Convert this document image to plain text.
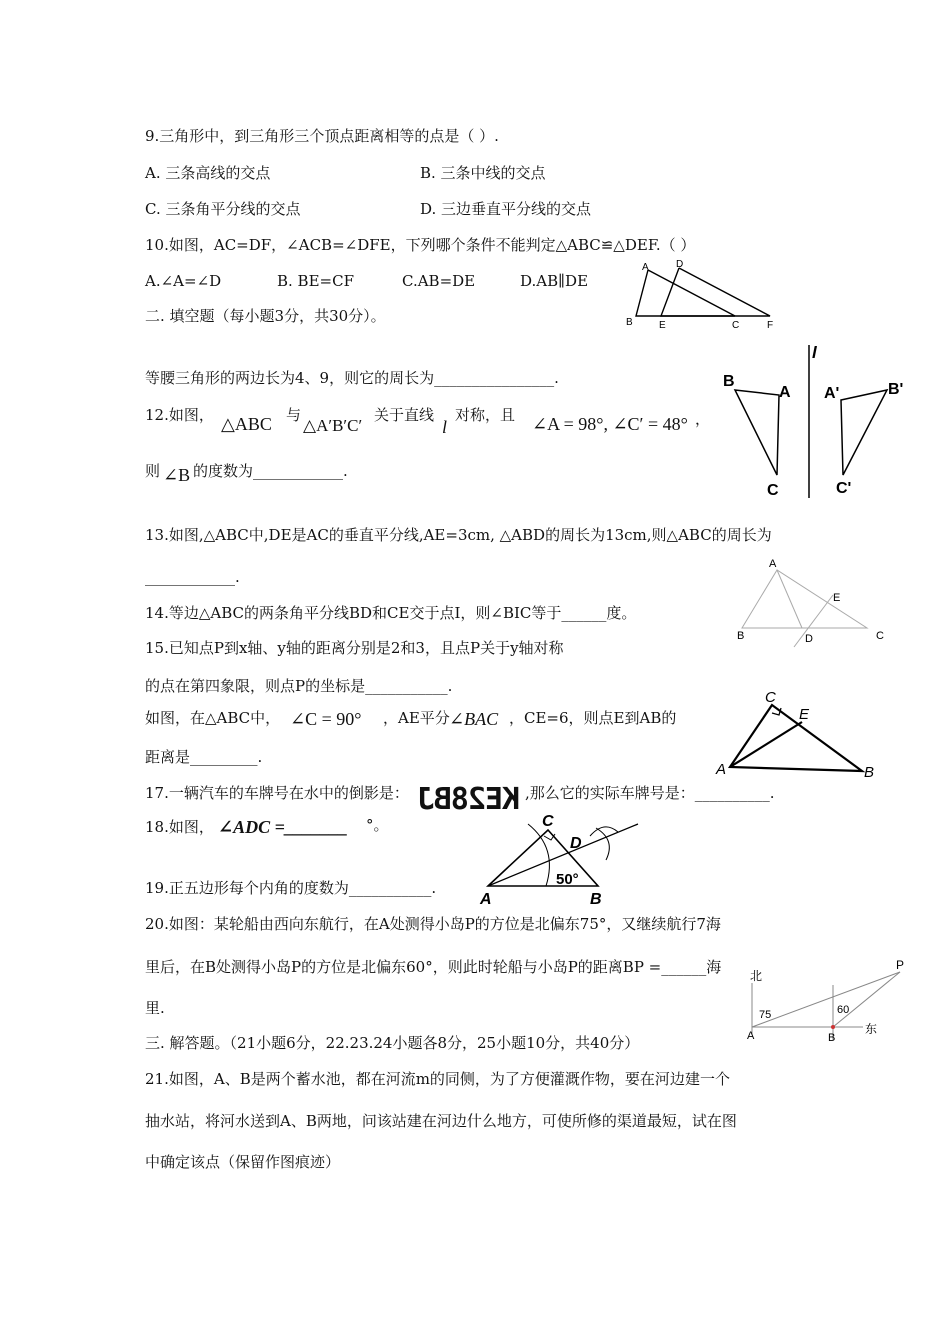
9.三角形中，到三角形三个顶点距离相等的点是（ ）.
A. 三条高线的交点	B. 三条中线的交点
C. 三条角平分线的交点	D. 三边垂直平分线的交点
10.如图，AC=DF，∠ACB=∠DFE，下列哪个条件不能判定△ABC≌△DEF.（ ）
A.∠A=∠D	B. BE=CF	C.AB=DE	D.AB∥DE
A	D
B	E	C	F
二. 填空题（每小题3分，共30分）。
等腰三角形的两边长为4、9，则它的周长为________________.
12.如图， △ABC 与
△A′B′C′
关于直线
l
对称，且 ∠A = 98°, ∠C′ = 48° ，
则 ∠B 的度数为____________.
l
B
A
C
A'	B'
C'
13.如图,△ABC中,DE是AC的垂直平分线,AE=3cm, △ABD的周长为13cm,则△ABC的周长为
____________.
A
E
B	D	C
14.等边△ABC的两条角平分线BD和CE交于点I，则∠BIC等于______度。
15.已知点P到x轴、y轴的距离分别是2和3，且点P关于y轴对称
的点在第四象限，则点P的坐标是___________.
如图，在△ABC中， ∠C = 90° ，AE平分 ∠BAC ，CE=6，则点E到AB的
距离是_________.
C
E
A	B
17.一辆汽车的车牌号在水中的倒影是： KE28BJ ,那么它的实际车牌号是：__________.
18.如图， ∠ADC =_______ °。	C
D
A	B
50°
19.正五边形每个内角的度数为___________.
20.如图：某轮船由西向东航行，在A处测得小岛P的方位是北偏东75°，又继续航行7海
里后，在B处测得小岛P的方位是北偏东60°，则此时轮船与小岛P的距离BP =______海
里.
P
北
75	60
东
A	B
三. 解答题。（21小题6分，22.23.24小题各8分，25小题10分，共40分）
21.如图，A、B是两个蓄水池，都在河流m的同侧，为了方便灌溉作物，要在河边建一个
抽水站，将河水送到A、B两地，问该站建在河边什么地方，可使所修的渠道最短，试在图
中确定该点（保留作图痕迹）
